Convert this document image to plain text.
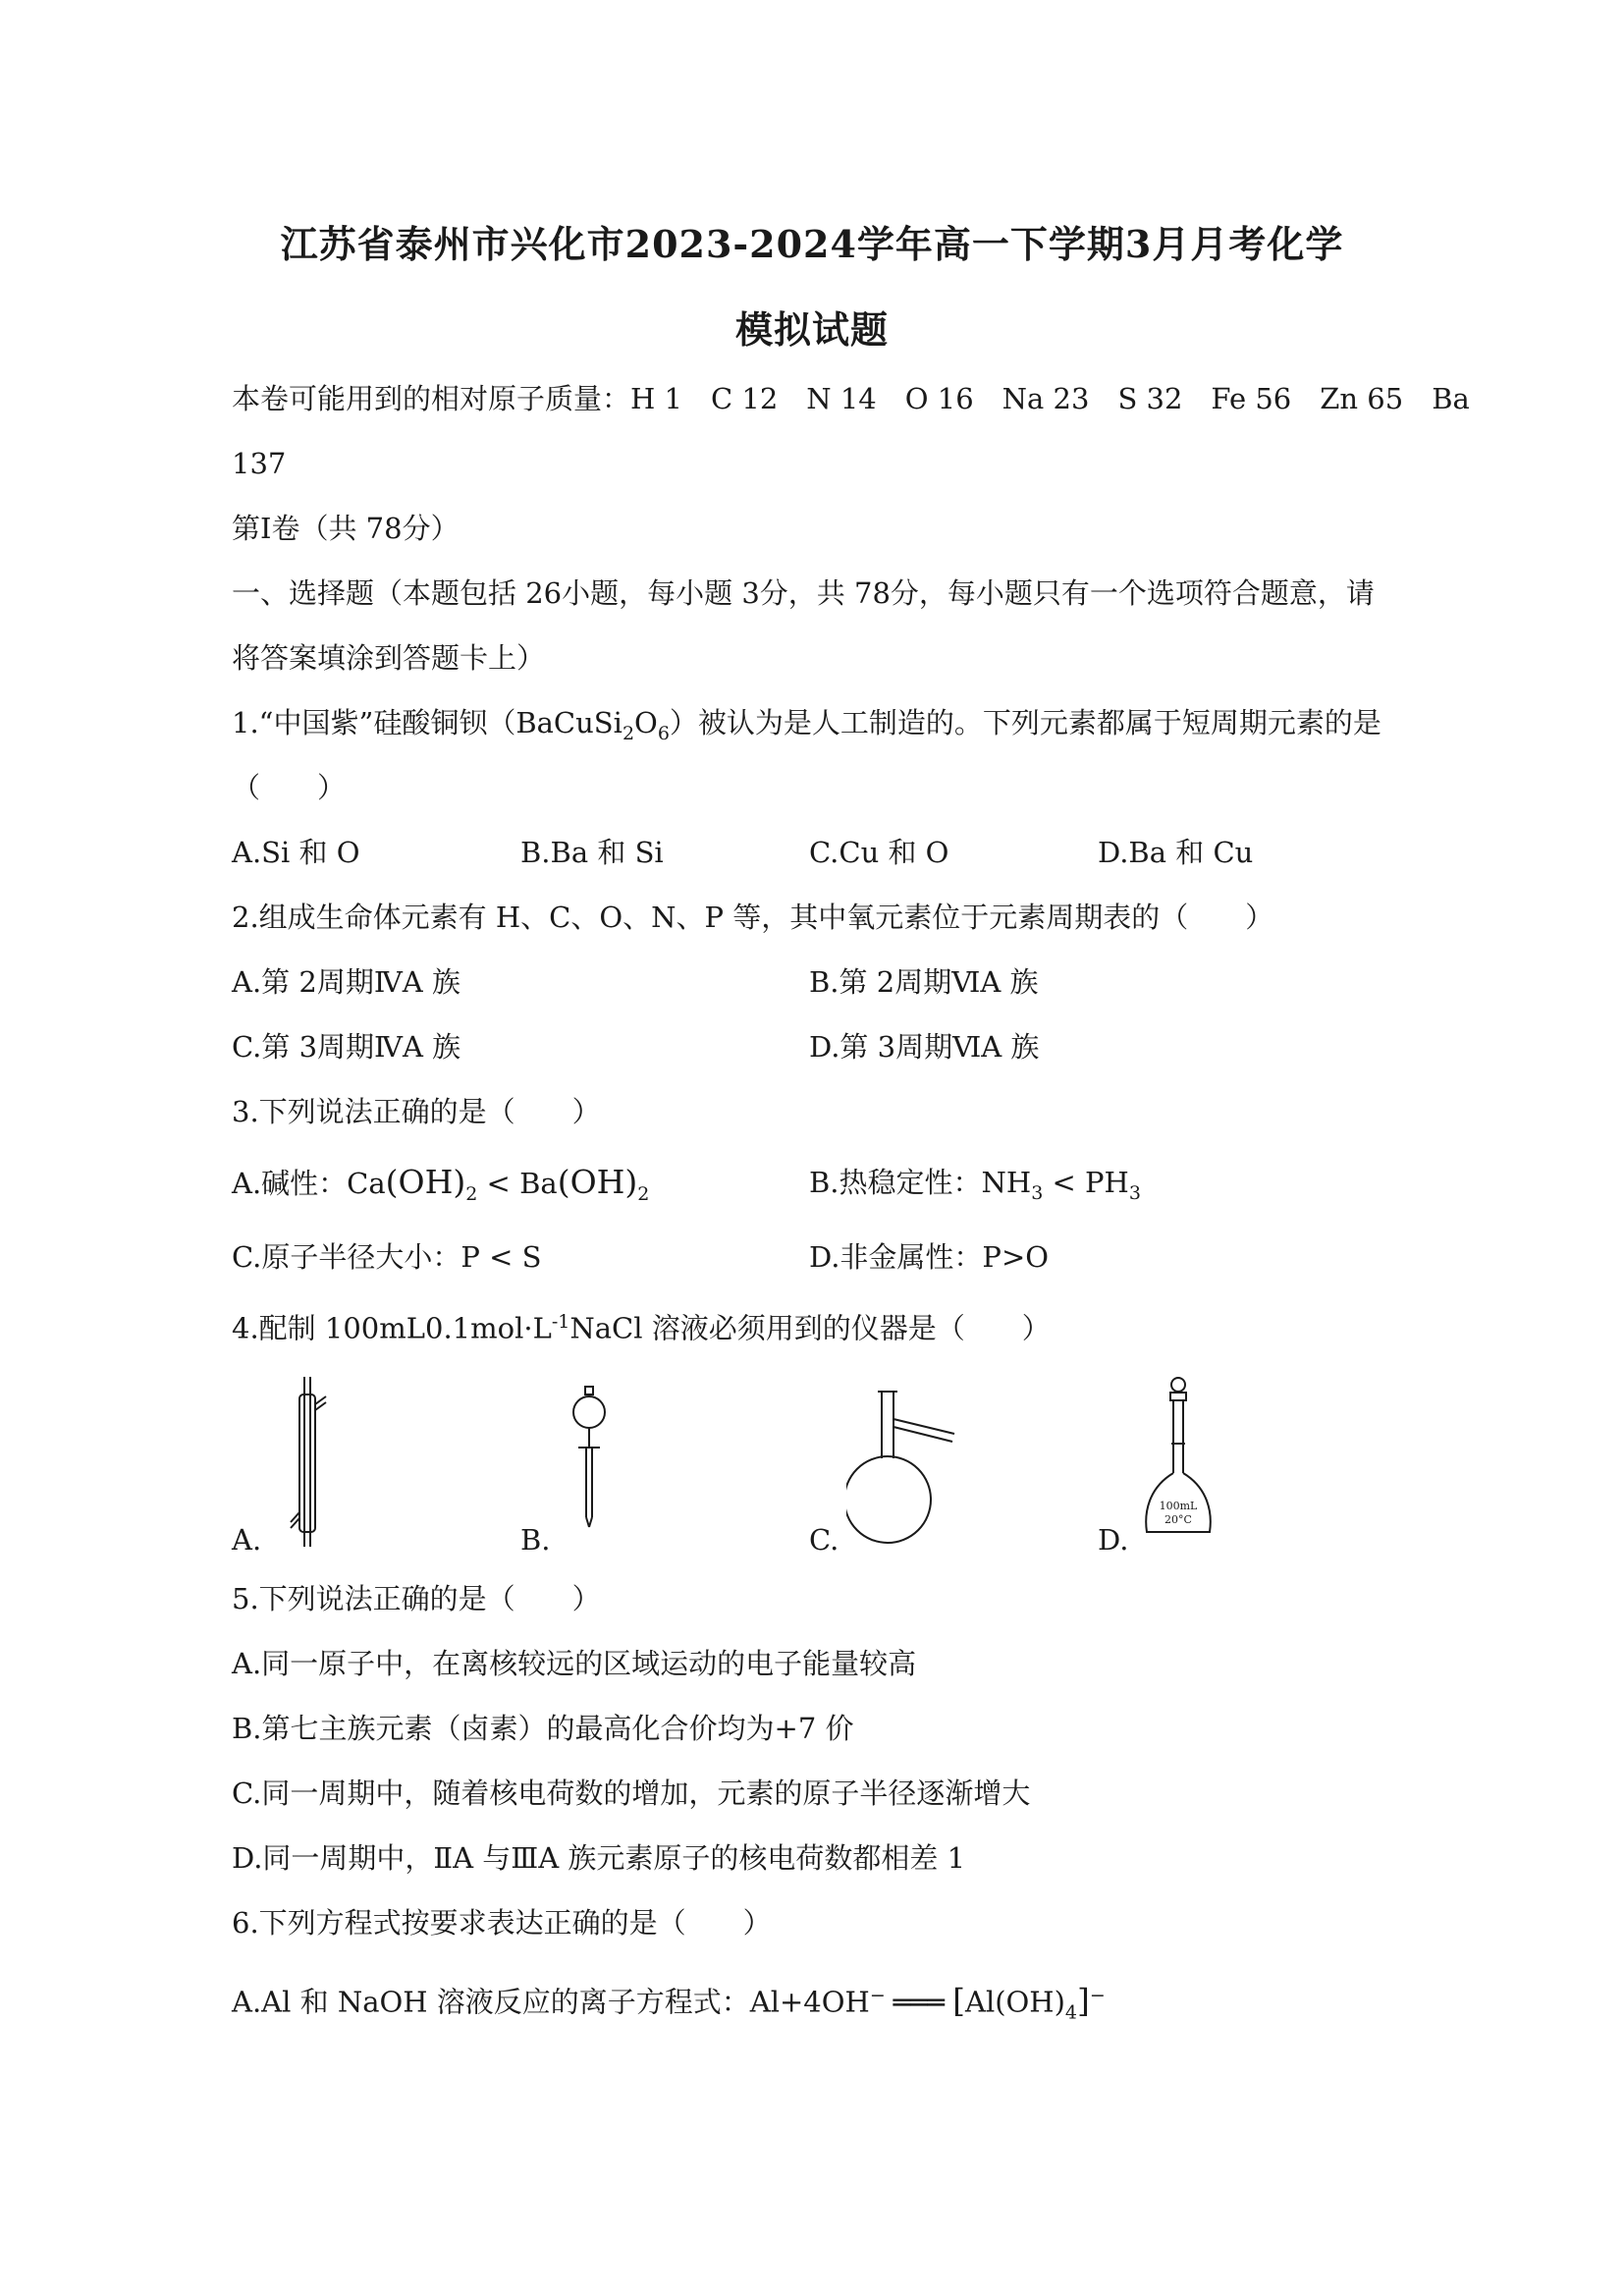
江苏省泰州市兴化市2023-2024学年高一下学期3月月考化学
模拟试题
本卷可能用到的相对原子质量：H 1　C 12　N 14　O 16　Na 23　S 32　Fe 56　Zn 65　Ba
137
第Ⅰ卷（共 78分）
一、选择题（本题包括 26小题，每小题 3分，共 78分，每小题只有一个选项符合题意，请
将答案填涂到答题卡上）
1.“中国紫”硅酸铜钡$(BaCuSi_2O_6)$被认为是人工制造的。下列元素都属于短周期元素的是
（　　）
A.Si 和 O	B.Ba 和 Si	C.Cu 和 O	D.Ba 和 Cu
2.组成生命体元素有 H、C、O、N、P 等，其中氧元素位于元素周期表的（　　）
A.第 2周期ⅣA 族	B.第 2周期ⅥA 族
C.第 3周期ⅣA 族	D.第 3周期ⅥA 族
3.下列说法正确的是（　　）
A.碱性：$Ca(OH)_2 < Ba(OH)_2$	B.热稳定性：$NH_3 < PH_3$
C.原子半径大小：P < S	D.非金属性：P>O
4.配制 $100mL0.1mol\cdot L^{-1}NaCl$ 溶液必须用到的仪器是（　　）
A.	B.	C.	D.
100mL
20°C
5.下列说法正确的是（　　）
A.同一原子中，在离核较远的区域运动的电子能量较高
B.第七主族元素（卤素）的最高化合价均为+7 价
C.同一周期中，随着核电荷数的增加，元素的原子半径逐渐增大
D.同一周期中，ⅡA 与ⅢA 族元素原子的核电荷数都相差 1
6.下列方程式按要求表达正确的是（　　）
A.Al 和 NaOH 溶液反应的离子方程式：Al+4OH− ═══ $[Al(OH)_4]^-$
